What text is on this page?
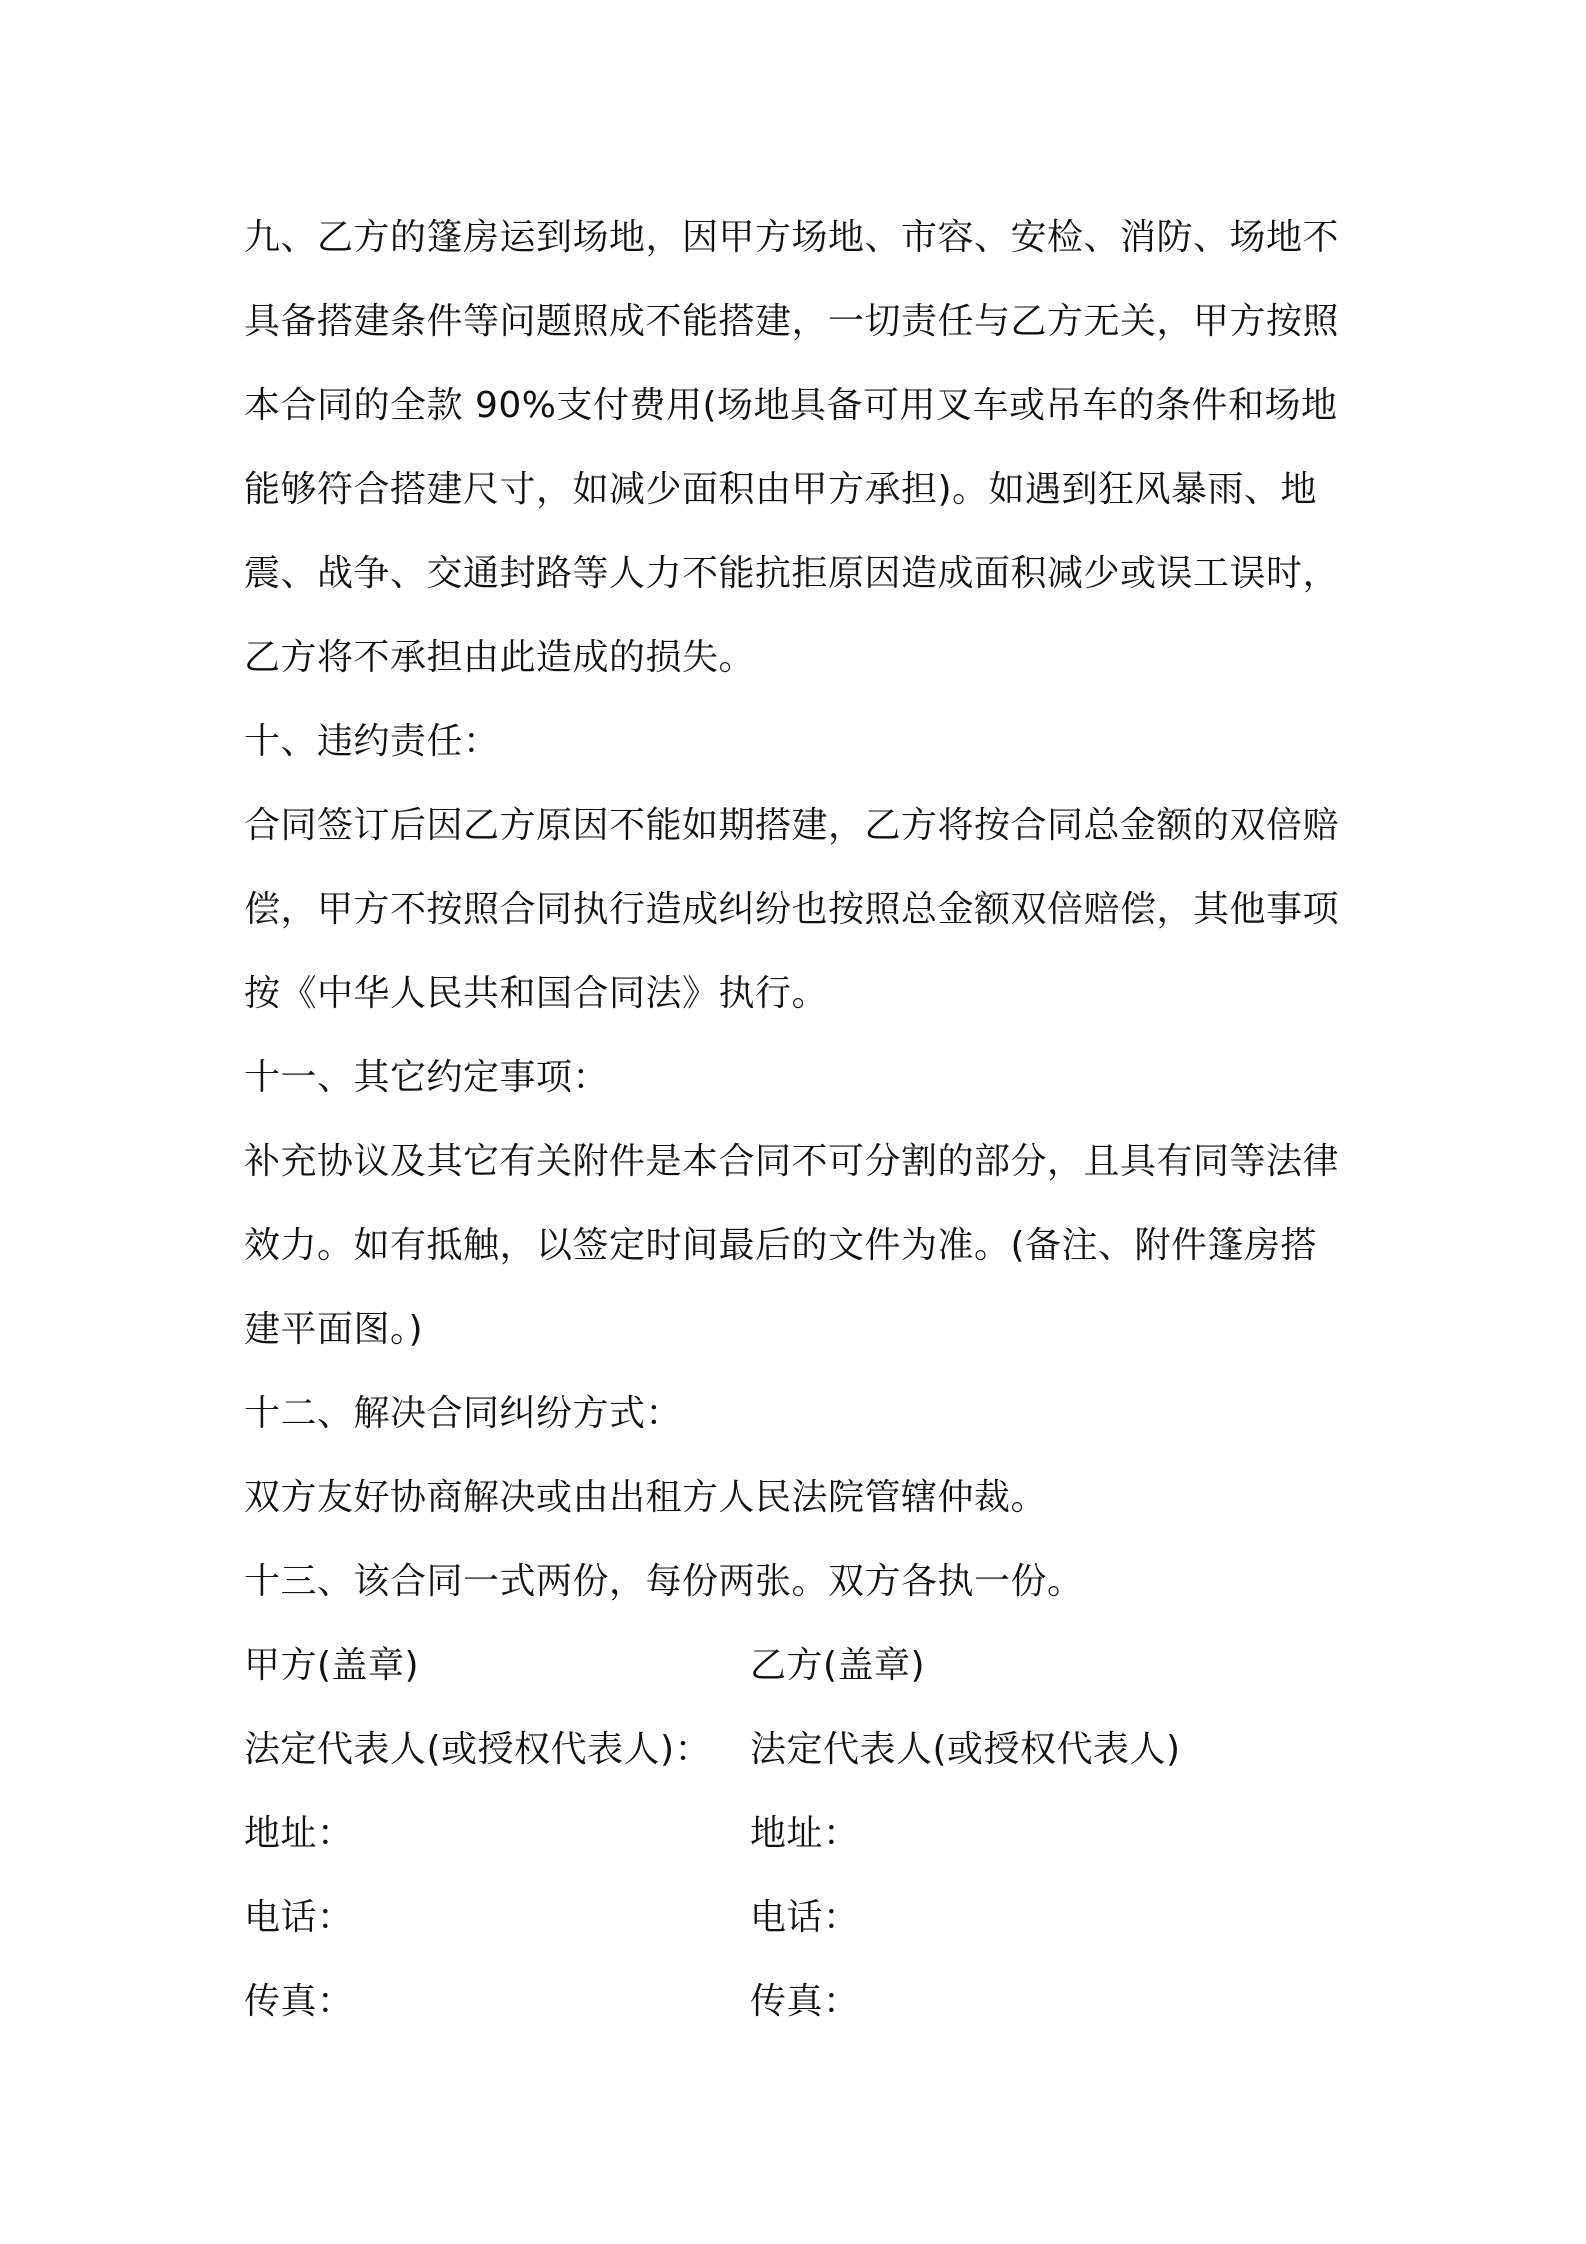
九、乙方的篷房运到场地，因甲方场地、市容、安检、消防、场地不
具备搭建条件等问题照成不能搭建，一切责任与乙方无关，甲方按照
本合同的全款 90%支付费用(场地具备可用叉车或吊车的条件和场地
能够符合搭建尺寸，如减少面积由甲方承担)。如遇到狂风暴雨、地
震、战争、交通封路等人力不能抗拒原因造成面积减少或误工误时，
乙方将不承担由此造成的损失。
十、违约责任：
合同签订后因乙方原因不能如期搭建，乙方将按合同总金额的双倍赔
偿，甲方不按照合同执行造成纠纷也按照总金额双倍赔偿，其他事项
按《中华人民共和国合同法》执行。
十一、其它约定事项：
补充协议及其它有关附件是本合同不可分割的部分，且具有同等法律
效力。如有抵触，以签定时间最后的文件为准。(备注、附件篷房搭
建平面图。)
十二、解决合同纠纷方式：
双方友好协商解决或由出租方人民法院管辖仲裁。
十三、该合同一式两份，每份两张。双方各执一份。
甲方(盖章)	乙方(盖章)
法定代表人(或授权代表人)： 法定代表人(或授权代表人)
地址：	地址：
电话：	电话：
传真：	传真：
